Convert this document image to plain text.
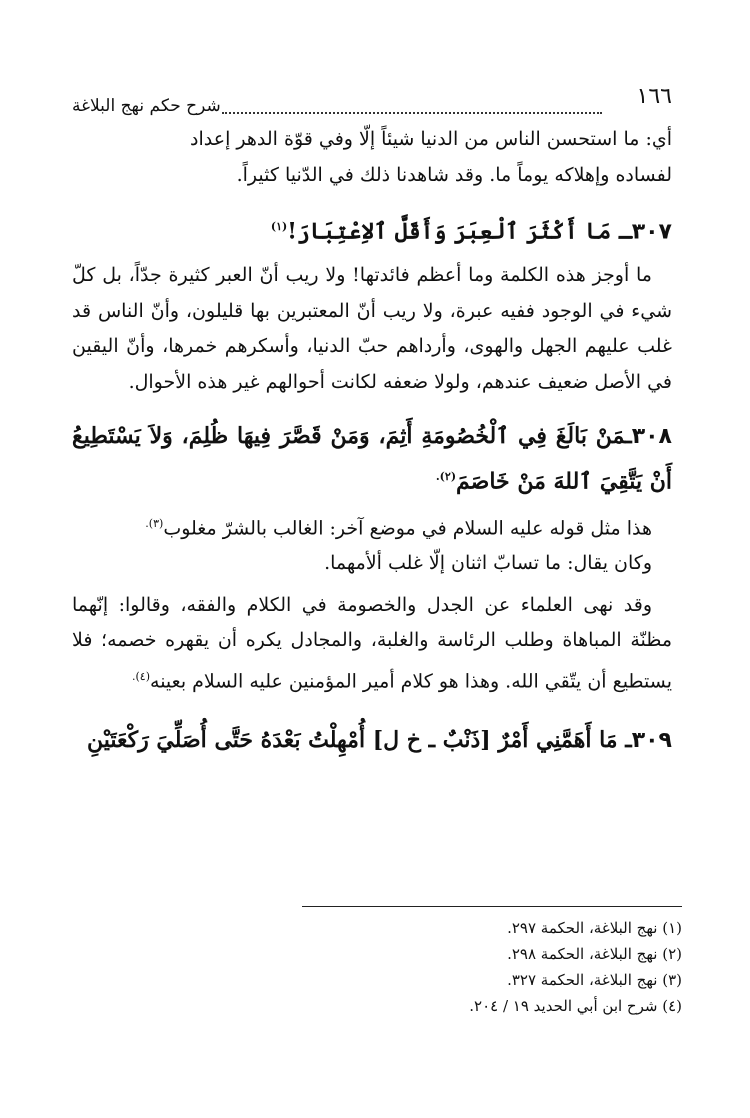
١٦٦
شرح حكم نهج البلاغة

أي: ما استحسن الناس من الدنيا شيئاً إلّا وفي قوّة الدهر إعداد
لفساده وإهلاكه يوماً ما. وقد شاهدنا ذلك في الدّنيا كثيراً.

٣٠٧ـ مَا أَكْثَرَ ٱلْعِبَرَ وَأَقَلَّ ٱلاِعْتِبَارَ!$^{(١)}$

ما أوجز هذه الكلمة وما أعظم فائدتها! ولا ريب أنّ العبر كثيرة جدّاً، بل كلّ شيء في الوجود ففيه عبرة، ولا ريب أنّ المعتبرين بها قليلون، وأنّ الناس قد غلب عليهم الجهل والهوى، وأرداهم حبّ الدنيا، وأسكرهم خمرها، وأنّ اليقين في الأصل ضعيف عندهم، ولولا ضعفه لكانت أحوالهم غير هذه الأحوال.

٣٠٨ـمَنْ بَالَغَ فِي ٱلْخُصُومَةِ أَثِمَ، وَمَنْ قَصَّرَ فِيهَا ظُلِمَ، وَلاَ يَسْتَطِيعُ أَنْ يَتَّقِيَ ٱللهَ مَنْ خَاصَمَ$^{(٢).}$

هذا مثل قوله عليه السلام في موضع آخر: الغالب بالشرّ مغلوب$^{(٣).}$

وكان يقال: ما تسابّ اثنان إلّا غلب ألأمهما.

وقد نهى العلماء عن الجدل والخصومة في الكلام والفقه، وقالوا: إنّهما مظنّة المباهاة وطلب الرئاسة والغلبة، والمجادل يكره أن يقهره خصمه؛ فلا يستطيع أن يتّقي الله. وهذا هو كلام أمير المؤمنين عليه السلام بعينه$^{(٤).}$

٣٠٩ـ مَا أَهَمَّنِي أَمْرٌ [ذَنْبٌ ـ خ ل] أُمْهِلْتُ بَعْدَهُ حَتَّى أُصَلِّيَ رَكْعَتَيْنِ

(١) نهج البلاغة، الحكمة ٢٩٧.

(٢) نهج البلاغة، الحكمة ٢٩٨.

(٣) نهج البلاغة، الحكمة ٣٢٧.

(٤) شرح ابن أبي الحديد ١٩ / ٢٠٤.
